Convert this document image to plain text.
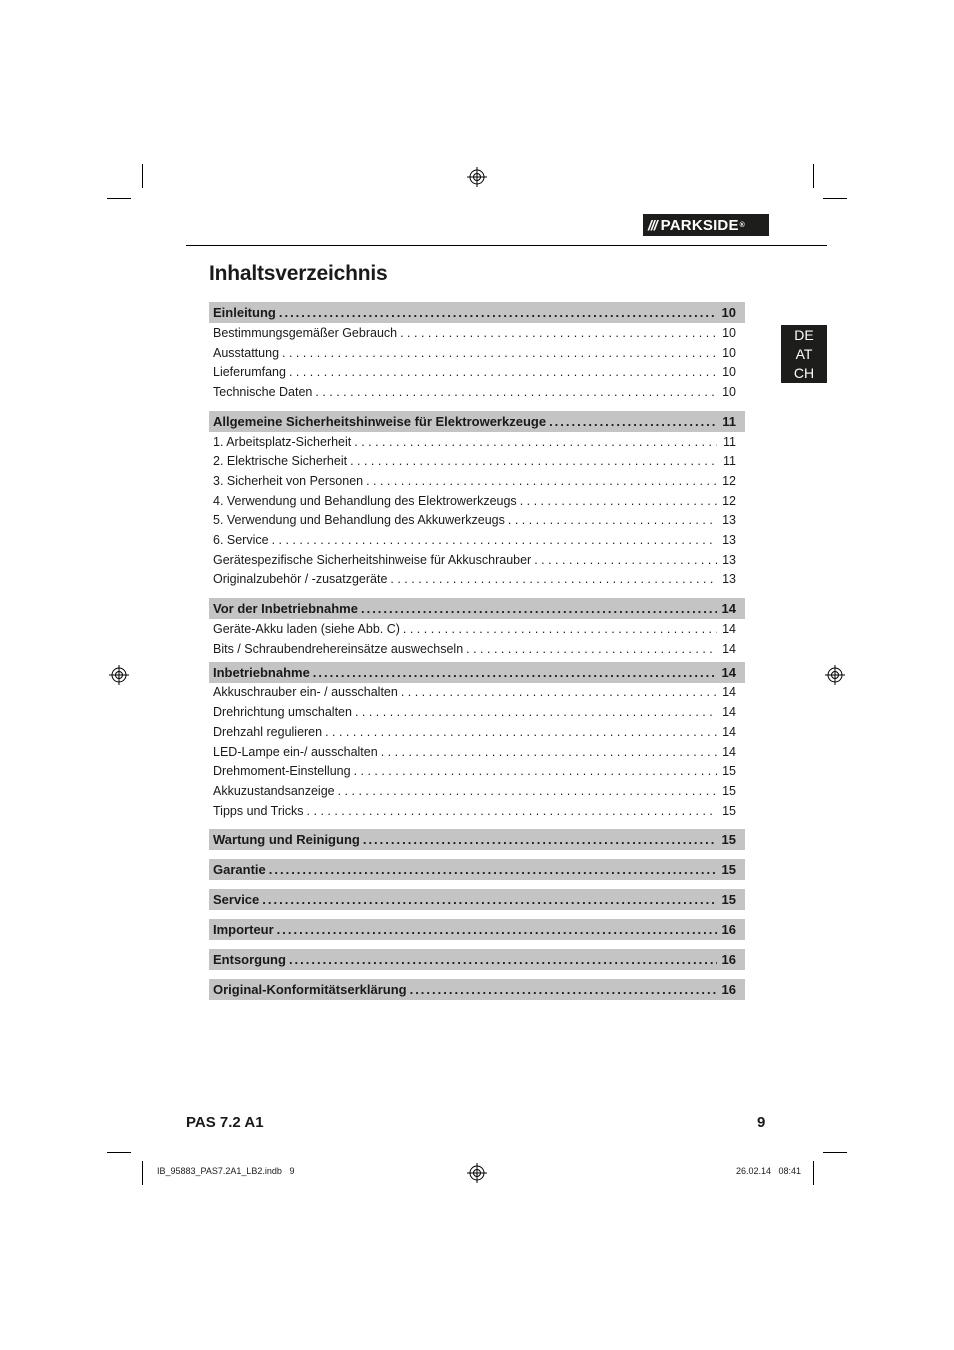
/// PARKSIDE ®
Inhaltsverzeichnis
DE
AT
CH
Einleitung .....	10
Bestimmungsgemäßer Gebrauch . . .	10
Ausstattung . . .	10
Lieferumfang . . .	10
Technische Daten . . .	10
Allgemeine Sicherheitshinweise für Elektrowerkzeuge .....	11
1. Arbeitsplatz-Sicherheit . . .	11
2. Elektrische Sicherheit . . .	11
3. Sicherheit von Personen . . .	12
4. Verwendung und Behandlung des Elektrowerkzeugs . . .	12
5. Verwendung und Behandlung des Akkuwerkzeugs . . .	13
6. Service . . .	13
Gerätespezifische Sicherheitshinweise für Akkuschrauber . . .	13
Originalzubehör / -zusatzgeräte . . .	13
Vor der Inbetriebnahme .....	14
Geräte-Akku laden (siehe Abb. C) . . .	14
Bits / Schraubendrehereinsätze auswechseln . . .	14
Inbetriebnahme .....	14
Akkuschrauber ein- / ausschalten . . .	14
Drehrichtung umschalten . . .	14
Drehzahl regulieren . . .	14
LED-Lampe ein-/ ausschalten . . .	14
Drehmoment-Einstellung . . .	15
Akkuzustandsanzeige . . .	15
Tipps und Tricks . . .	15
Wartung und Reinigung .....	15
Garantie .....	15
Service .....	15
Importeur .....	16
Entsorgung .....	16
Original-Konformitätserklärung .....	16
PAS 7.2 A1	9
IB_95883_PAS7.2A1_LB2.indb   9	26.02.14   08:41
